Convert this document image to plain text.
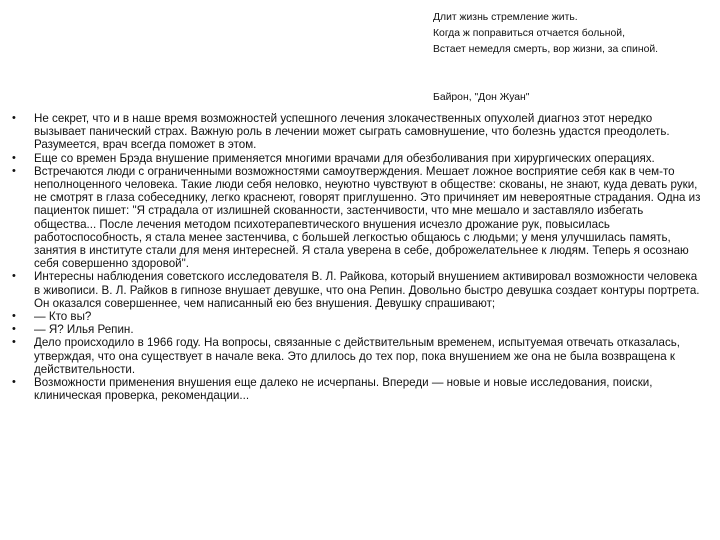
Длит жизнь стремление жить.
Когда ж поправиться отчается больной,
Встает немедля смерть, вор жизни, за спиной.
Байрон, "Дон Жуан"
•	Не секрет, что и в наше время возможностей успешного лечения злокачественных опухолей диагноз этот нередко вызывает панический страх. Важную роль в лечении может сыграть самовнушение, что болезнь удастся преодолеть. Разумеется, врач всегда поможет в этом.
•	Еще со времен Брэда внушение применяется многими врачами для обезболивания при хирургических операциях.
•	Встречаются люди с ограниченными возможностями самоутверждения. Мешает ложное восприятие себя как в чем-то неполноценного человека. Такие люди себя неловко, неуютно чувствуют в обществе: скованы, не знают, куда девать руки, не смотрят в глаза собеседнику, легко краснеют, говорят приглушенно. Это причиняет им невероятные страдания. Одна из пациенток пишет: "Я страдала от излишней скованности, застенчивости, что мне мешало и заставляло избегать общества... После лечения методом психотерапевтического внушения исчезло дрожание рук, повысилась работоспособность, я стала менее застенчива, с большей легкостью общаюсь с людьми; у меня улучшилась память, занятия в институте стали для меня интересней. Я стала уверена в себе, доброжелательнее к людям. Теперь я осознаю себя совершенно здоровой".
•	Интересны наблюдения советского исследователя В. Л. Райкова, который внушением активировал возможности человека в живописи. В. Л. Райков в гипнозе внушает девушке, что она Репин. Довольно быстро девушка создает контуры портрета. Он оказался совершеннее, чем написанный ею без внушения. Девушку спрашивают;
•	— Кто вы?
•	— Я? Илья Репин.
•	Дело происходило в 1966 году. На вопросы, связанные с действительным временем, испытуемая отвечать отказалась, утверждая, что она существует в начале века. Это длилось до тех пор, пока внушением же она не была возвращена к действительности.
•	Возможности применения внушения еще далеко не исчерпаны. Впереди — новые и новые исследования, поиски, клиническая проверка, рекомендации...
